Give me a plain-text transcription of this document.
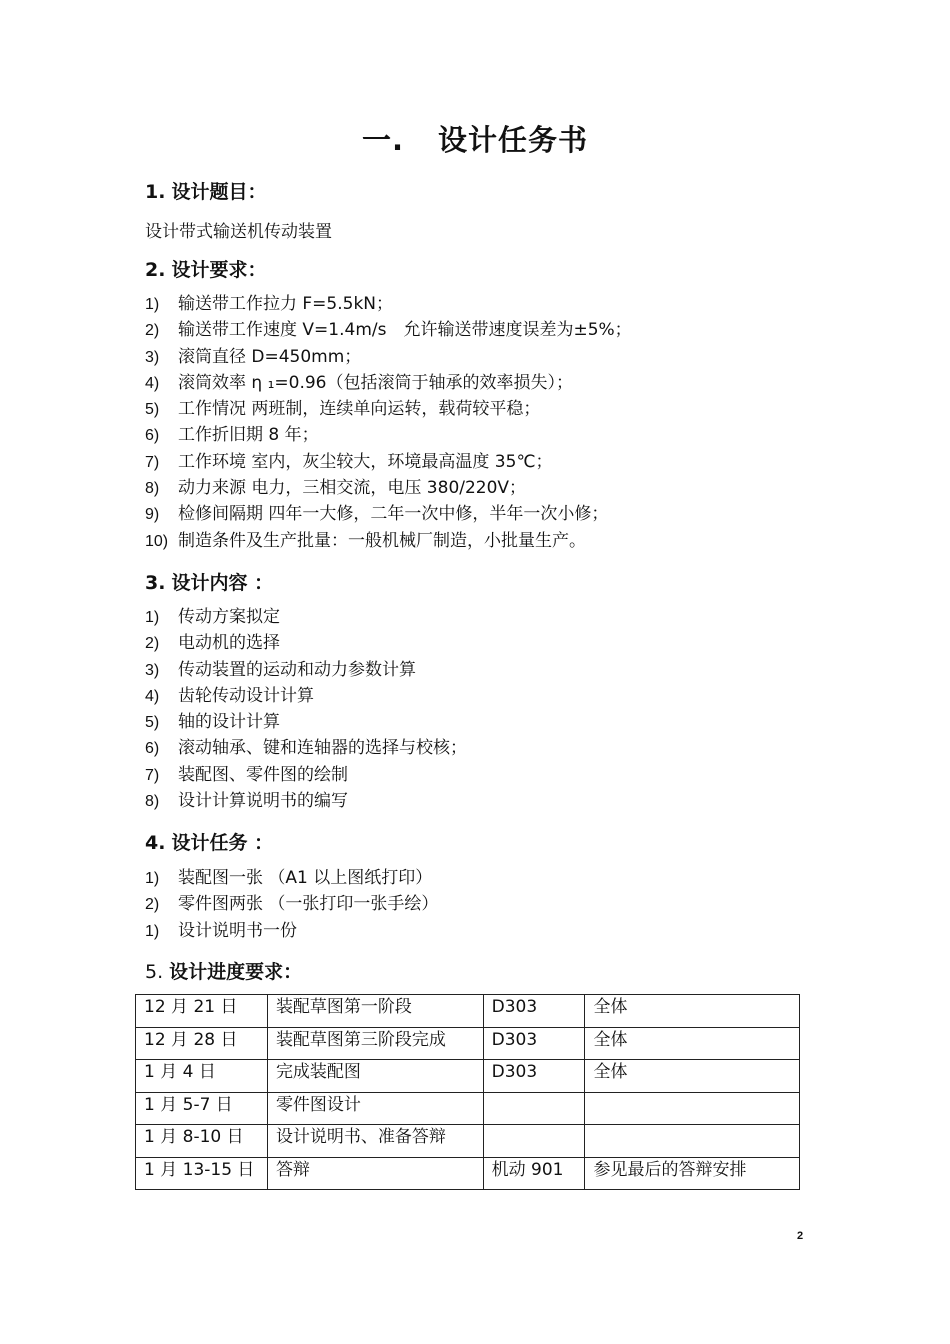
一. 设计任务书
1. 设计题目：
设计带式输送机传动装置
2. 设计要求：
1) 输送带工作拉力 F=5.5kN；
2) 输送带工作速度 V=1.4m/s　允许输送带速度误差为±5%；
3) 滚筒直径 D=450mm；
4) 滚筒效率 η ₁=0.96（包括滚筒于轴承的效率损失）；
5) 工作情况 两班制，连续单向运转，载荷较平稳；
6) 工作折旧期 8 年；
7) 工作环境 室内，灰尘较大，环境最高温度 35℃；
8) 动力来源 电力，三相交流，电压 380/220V；
9) 检修间隔期 四年一大修，二年一次中修，半年一次小修；
10) 制造条件及生产批量：一般机械厂制造，小批量生产。
3. 设计内容 ：
1) 传动方案拟定
2) 电动机的选择
3) 传动装置的运动和动力参数计算
4) 齿轮传动设计计算
5) 轴的设计计算
6) 滚动轴承、键和连轴器的选择与校核；
7) 装配图、零件图的绘制
8) 设计计算说明书的编写
4. 设计任务 ：
1) 装配图一张 （A1 以上图纸打印）
2) 零件图两张 （一张打印一张手绘）
1) 设计说明书一份
5. 设计进度要求：
12 月 21 日	装配草图第一阶段	D303	全体
12 月 28 日	装配草图第三阶段完成	D303	全体
1 月 4 日	完成装配图	D303	全体
1 月 5-7 日	零件图设计		
1 月 8-10 日	设计说明书、准备答辩		
1 月 13-15 日	答辩	机动 901	参见最后的答辩安排
2
